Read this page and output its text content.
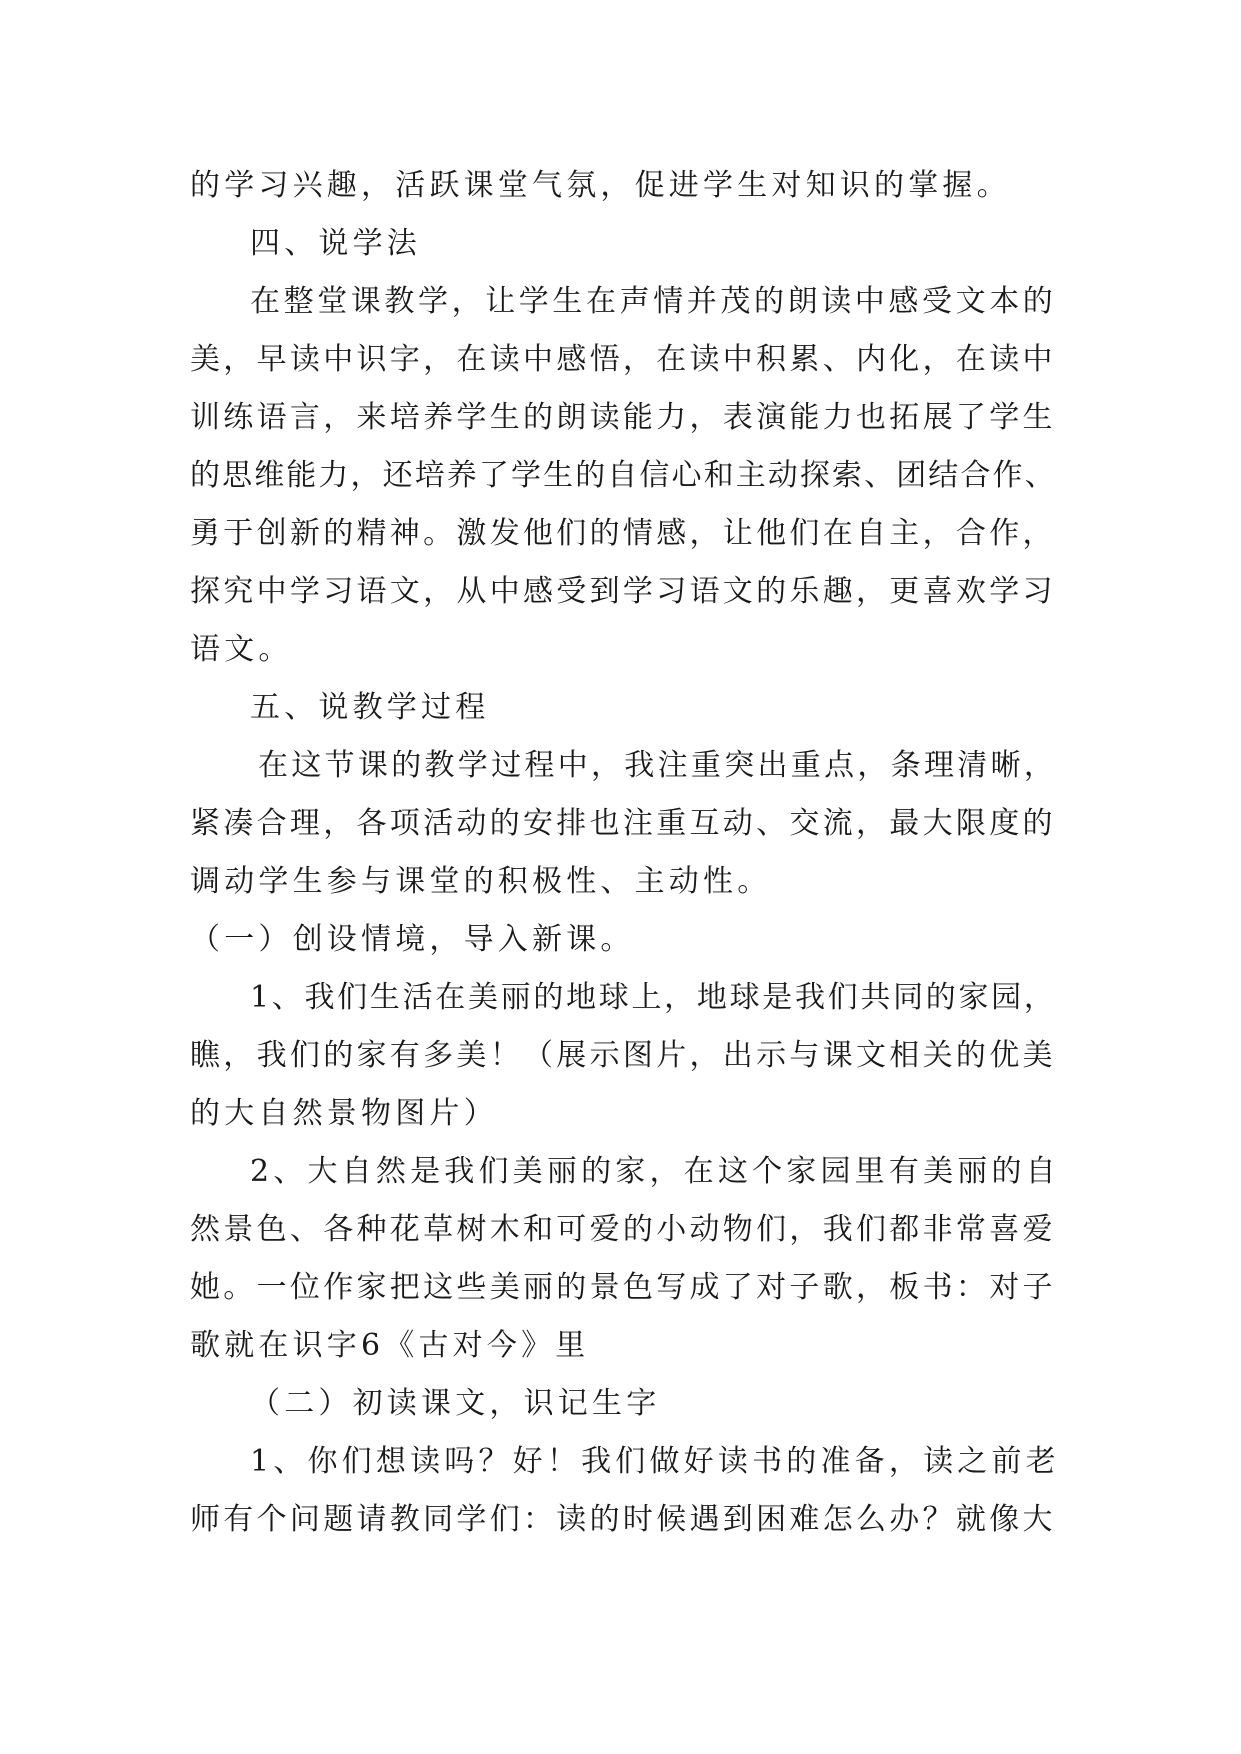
的学习兴趣，活跃课堂气氛，促进学生对知识的掌握。
四、说学法
在整堂课教学，让学生在声情并茂的朗读中感受文本的
美，早读中识字，在读中感悟，在读中积累、内化，在读中
训练语言，来培养学生的朗读能力，表演能力也拓展了学生
的思维能力，还培养了学生的自信心和主动探索、团结合作、
勇于创新的精神。激发他们的情感，让他们在自主，合作，
探究中学习语文，从中感受到学习语文的乐趣，更喜欢学习
语文。
五、说教学过程
在这节课的教学过程中，我注重突出重点，条理清晰，
紧凑合理，各项活动的安排也注重互动、交流，最大限度的
调动学生参与课堂的积极性、主动性。
（一）创设情境，导入新课。
1、我们生活在美丽的地球上，地球是我们共同的家园，
瞧，我们的家有多美！（展示图片，出示与课文相关的优美
的大自然景物图片）
2、大自然是我们美丽的家，在这个家园里有美丽的自
然景色、各种花草树木和可爱的小动物们，我们都非常喜爱
她。一位作家把这些美丽的景色写成了对子歌，板书：对子
歌就在识字6《古对今》里
（二）初读课文，识记生字
1、你们想读吗？好！我们做好读书的准备，读之前老
师有个问题请教同学们：读的时候遇到困难怎么办？就像大
